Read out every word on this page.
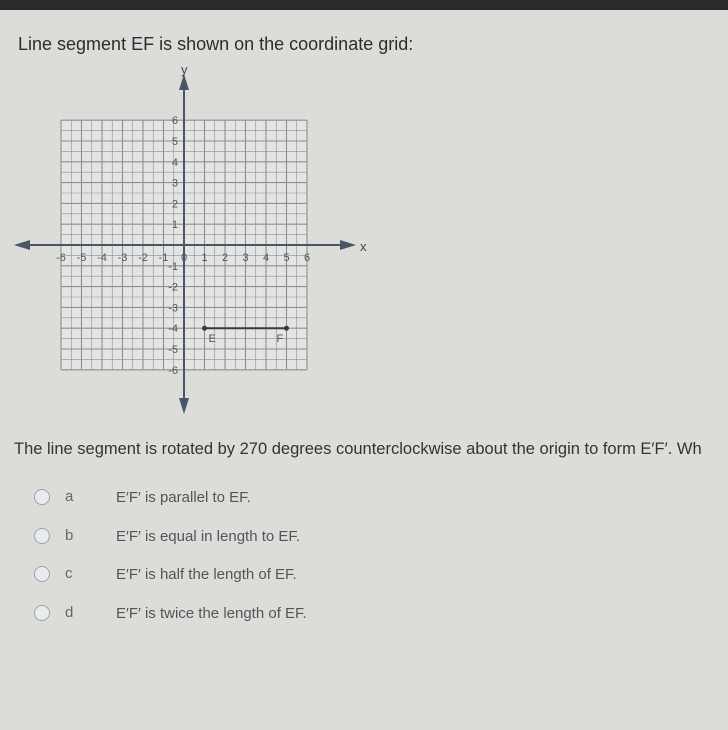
Line segment EF is shown on the coordinate grid:
x
y
-6 -5 -4 -3 -2 -1 0 1 2 3 4 5 6
6
5
4
3
2
1
-1
-2
-3
-4
-5
-6
E	F
The line segment is rotated by 270 degrees counterclockwise about the origin to form E′F′. Wh
a	E′F′ is parallel to EF.
b	E′F′ is equal in length to EF.
c	E′F′ is half the length of EF.
d	E′F′ is twice the length of EF.
